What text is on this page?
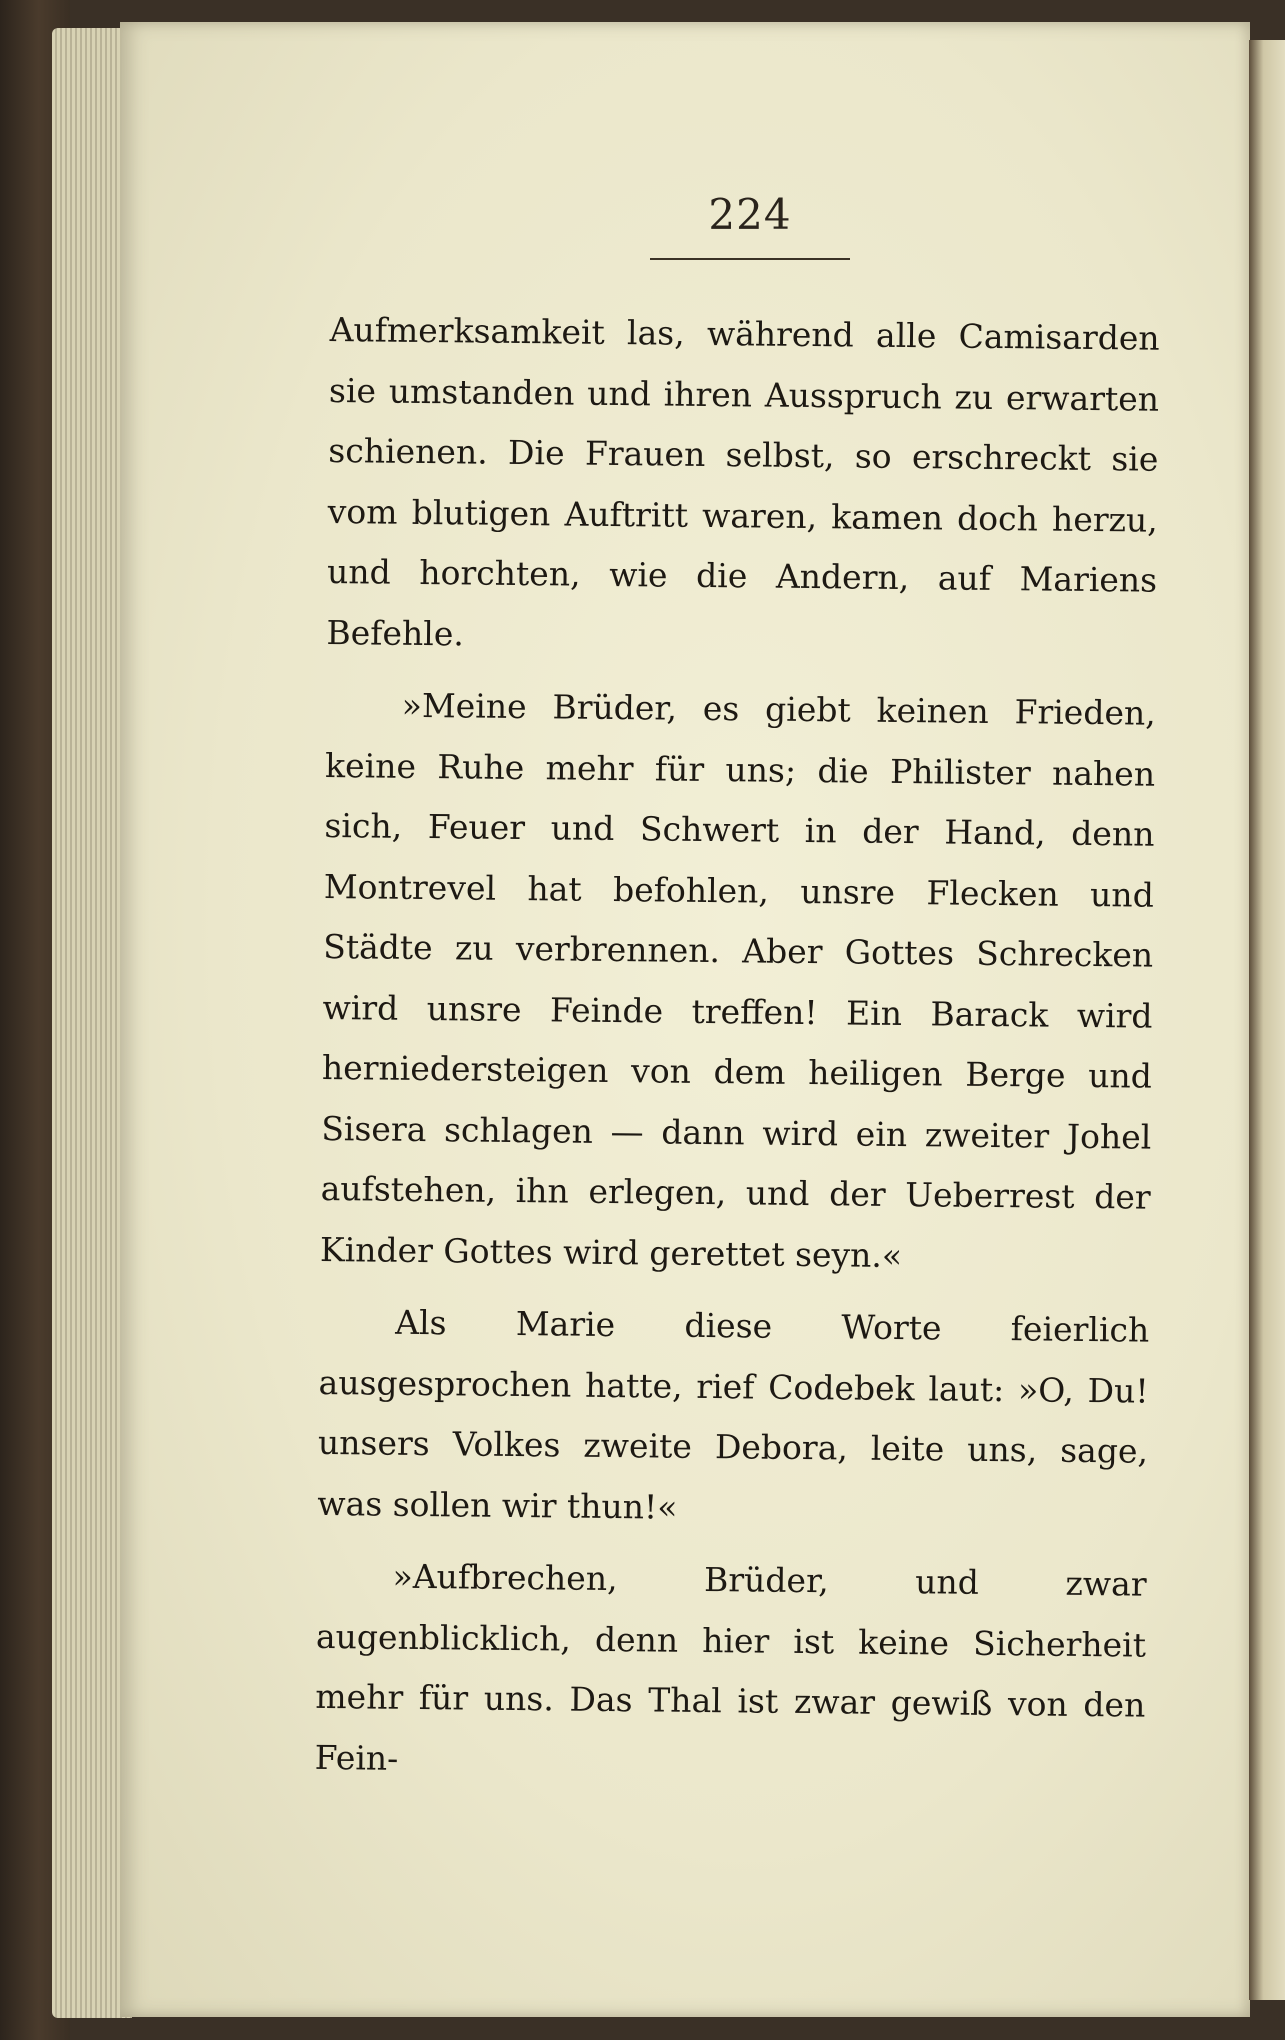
224

Aufmerksamkeit las, während alle Camisarden sie umstanden und ihren Ausspruch zu erwarten schienen. Die Frauen selbst, so erschreckt sie vom blutigen Auftritt waren, kamen doch herzu, und horchten, wie die Andern, auf Mariens Befehle.

»Meine Brüder, es giebt keinen Frieden, keine Ruhe mehr für uns; die Philister nahen sich, Feuer und Schwert in der Hand, denn Montrevel hat befohlen, unsre Flecken und Städte zu verbrennen. Aber Gottes Schrecken wird unsre Feinde treffen! Ein Barack wird herniedersteigen von dem heiligen Berge und Sisera schlagen — dann wird ein zweiter Johel aufstehen, ihn erlegen, und der Ueberrest der Kinder Gottes wird gerettet seyn.«

Als Marie diese Worte feierlich ausgesprochen hatte, rief Codebek laut: »O, Du! unsers Volkes zweite Debora, leite uns, sage, was sollen wir thun!«

»Aufbrechen, Brüder, und zwar augenblicklich, denn hier ist keine Sicherheit mehr für uns. Das Thal ist zwar gewiß von den Fein-
